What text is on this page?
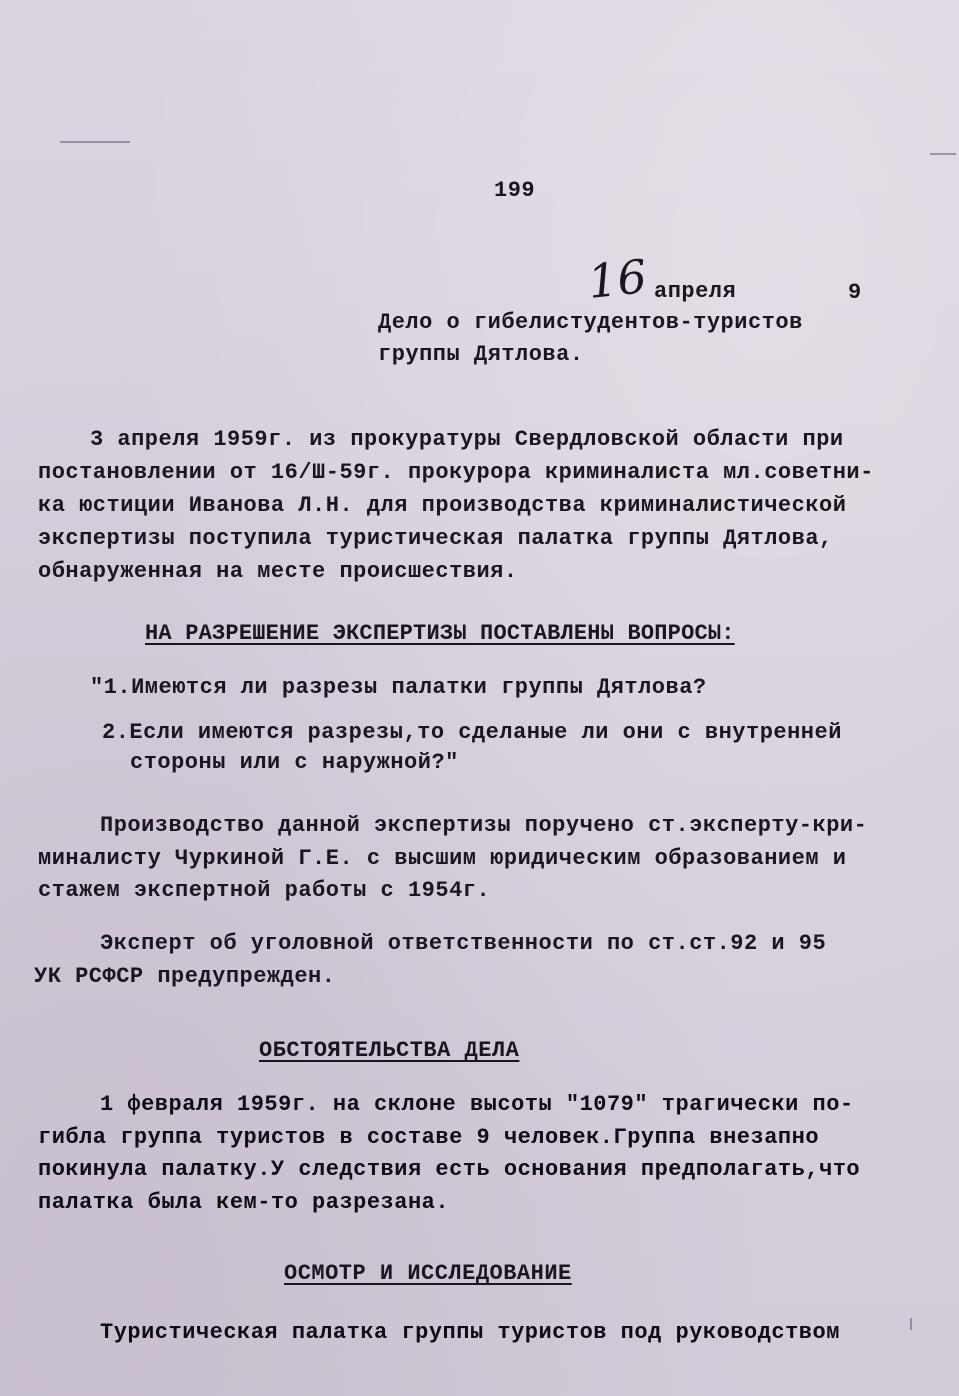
199
16 апреля	9
Дело о гибелистудентов-туристов
группы Дятлова.
3 апреля 1959г. из прокуратуры Свердловской области при
постановлении от 16/Ш-59г. прокурора криминалиста мл.советни-
ка юстиции Иванова Л.Н. для производства криминалистической
экспертизы поступила туристическая палатка группы Дятлова,
обнаруженная на месте происшествия.
НА РАЗРЕШЕНИЕ ЭКСПЕРТИЗЫ ПОСТАВЛЕНЫ ВОПРОСЫ:
"1.Имеются ли разрезы палатки группы Дятлова?
2.Если имеются разрезы,то сделаные ли они с внутренней
стороны или с наружной?"
Производство данной экспертизы поручено ст.эксперту-кри-
миналисту Чуркиной Г.Е. с высшим юридическим образованием и
стажем экспертной работы с 1954г.
Эксперт об уголовной ответственности по ст.ст.92 и 95
УК РСФСР предупрежден.
ОБСТОЯТЕЛЬСТВА ДЕЛА
1 февраля 1959г. на склоне высоты "1079" трагически по-
гибла группа туристов в составе 9 человек.Группа внезапно
покинула палатку.У следствия есть основания предполагать,что
палатка была кем-то разрезана.
ОСМОТР И ИССЛЕДОВАНИЕ
Туристическая палатка группы туристов под руководством
